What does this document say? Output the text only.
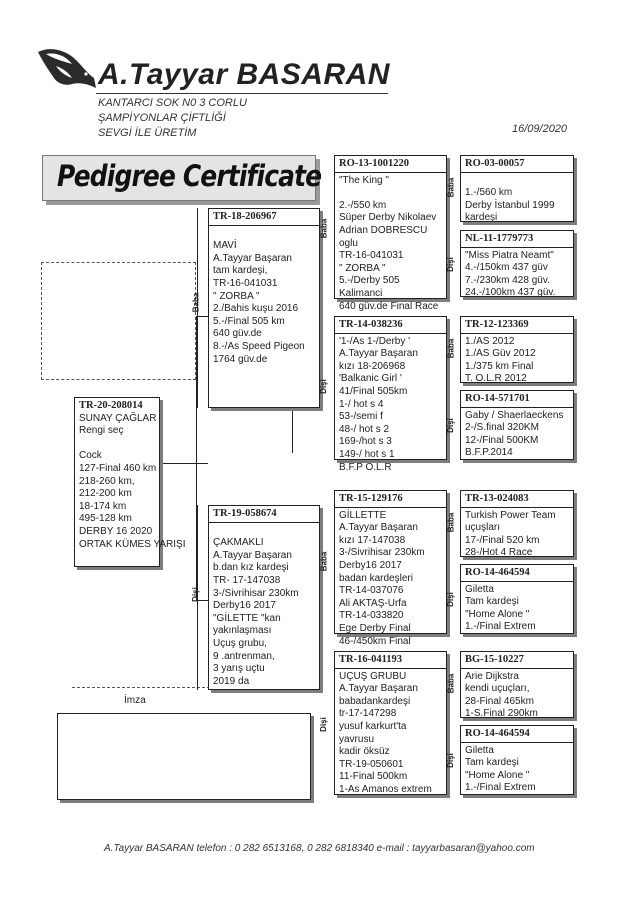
A.Tayyar BASARAN
KANTARCI SOK N0 3 CORLU
ŞAMPİYONLAR ÇİFTLİĞİ
SEVGİ İLE ÜRETİM	16/09/2020
Pedigree Certificate
İmza
TR-20-208014
SUNAY ÇAĞLAR
Rengi seç

Cock
127-Final 460 km
218-260 km,
212-200 km
18-174 km
495-128 km
DERBY 16 2020
ORTAK KÜMES YARIŞI
TR-18-206967

MAVİ
A.Tayyar Başaran
tam kardeşi,
TR-16-041031
" ZORBA "
2./Bahis kuşu 2016
5.-/Final 505 km
640 güv.de
8.-/As Speed Pigeon
1764 güv.de
Baba
TR-19-058674

ÇAKMAKLI
A.Tayyar Başaran
b.dan kız kardeşi
TR- 17-147038
3-/Sivrihisar 230km
Derby16 2017
"GİLETTE "kan
yakınlaşması
Uçuş grubu,
9 .antrenman,
3 yarış uçtu
2019 da
Dişi
RO-13-1001220
"The King "

2.-/550 km
Süper Derby Nikolaev
Adrian DOBRESCU
oglu
TR-16-041031
" ZORBA "
5.-/Derby 505
Kalimanci
640 güv.de Final Race
Baba
TR-14-038236
'1-/As 1-/Derby '
A.Tayyar Başaran
kızı 18-206968
'Balkanic Girl '
41/Final 505km
1-/ hot s 4
53-/semi f
48-/ hot s 2
169-/hot s 3
149-/ hot s 1
B.F.P O.L.R
Dişi
TR-15-129176
GİLLETTE
A.Tayyar Başaran
kızı 17-147038
3-/Sivrihisar 230km
Derby16 2017
badan kardeşleri
TR-14-037076
Ali AKTAŞ-Urfa
TR-14-033820
Ege Derby Final
46-/450km Final
Baba
TR-16-041193
UÇUŞ GRUBU
A.Tayyar Başaran
babadankardeşi
tr-17-147298
yusuf karkurt'ta
yavrusu
kadir öksüz
TR-19-050601
11-Final 500km
1-As Amanos extrem
Dişi
RO-03-00057

1.-/560 km
Derby İstanbul 1999
kardeşi
Baba
NL-11-1779773
"Miss Piatra Neamt"
4.-/150km 437 güv
7.-/230km 428 güv.
24.-/100km 437 güv.
Dişi
TR-12-123369
1./AS 2012
1./AS Güv 2012
1./375 km Final
T. O.L.R 2012
Baba
RO-14-571701
Gaby / Shaerlaeckens
2-/S.final 320KM
12-/Final 500KM
B.F.P.2014
Dişi
TR-13-024083
Turkish Power Team
uçuşları
17-/Final 520 km
28-/Hot 4 Race
Baba
RO-14-464594
Giletta
Tam kardeşi
"Home Alone "
1.-/Final Extrem
Dişi
BG-15-10227
Arie Dijkstra
kendi uçuçları,
28-Final 465km
1-S.Final 290km
Baba
RO-14-464594
Giletta
Tam kardeşi
"Home Alone "
1.-/Final Extrem
Dişi
A.Tayyar BASARAN telefon : 0 282 6513168, 0 282 6818340 e-mail : tayyarbasaran@yahoo.com
